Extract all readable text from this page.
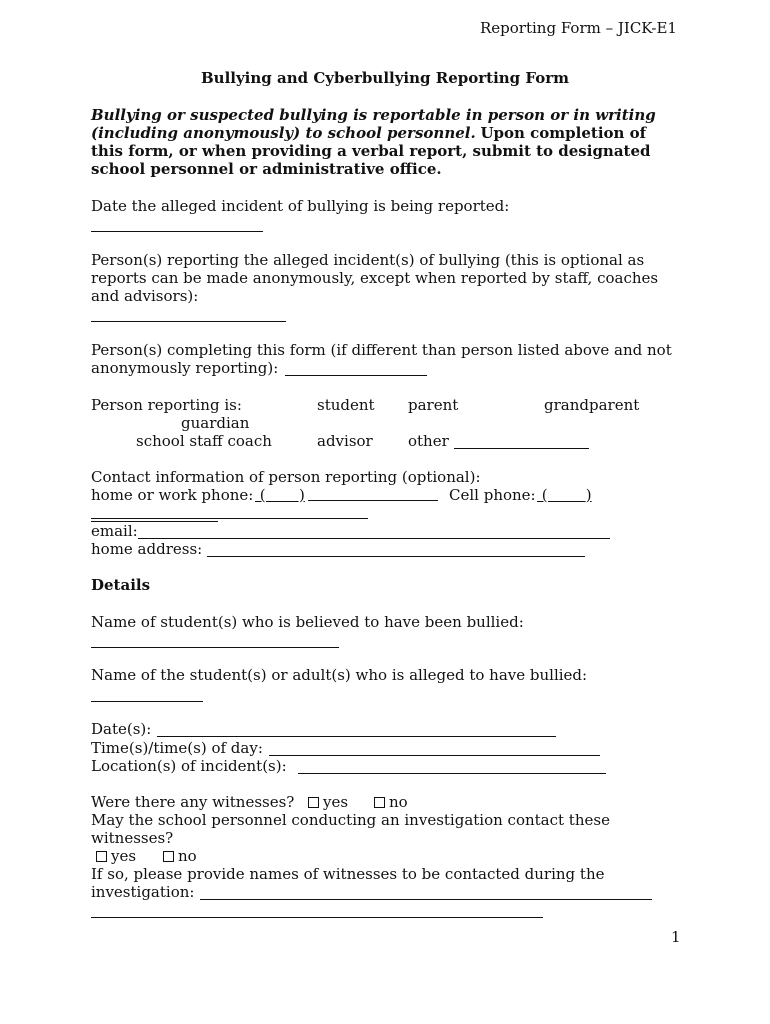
Reporting Form – JICK-E1
Bullying and Cyberbullying Reporting Form
Bullying or suspected bullying is reportable in person or in writing (including anonymously) to school personnel. Upon completion of this form, or when providing a verbal report, submit to designated school personnel or administrative office.
Date the alleged incident of bullying is being reported:
Person(s) reporting the alleged incident(s) of bullying (this is optional as reports can be made anonymously, except when reported by staff, coaches and advisors):
Person(s) completing this form (if different than person listed above and not anonymously reporting):
Person reporting is:	student parent	grandparent
guardian
school staff coach	advisor other
Contact information of person reporting (optional):
home or work phone: (       )	Cell phone: (        )
email:
home address:
Details
Name of student(s) who is believed to have been bullied:
Name of the student(s) or adult(s) who is alleged to have bullied:
Date(s):
Time(s)/time(s) of day:
Location(s) of incident(s):
Were there any witnesses?	yes	no
May the school personnel conducting an investigation contact these witnesses?
yes	no
If so, please provide names of witnesses to be contacted during the
investigation:
1
